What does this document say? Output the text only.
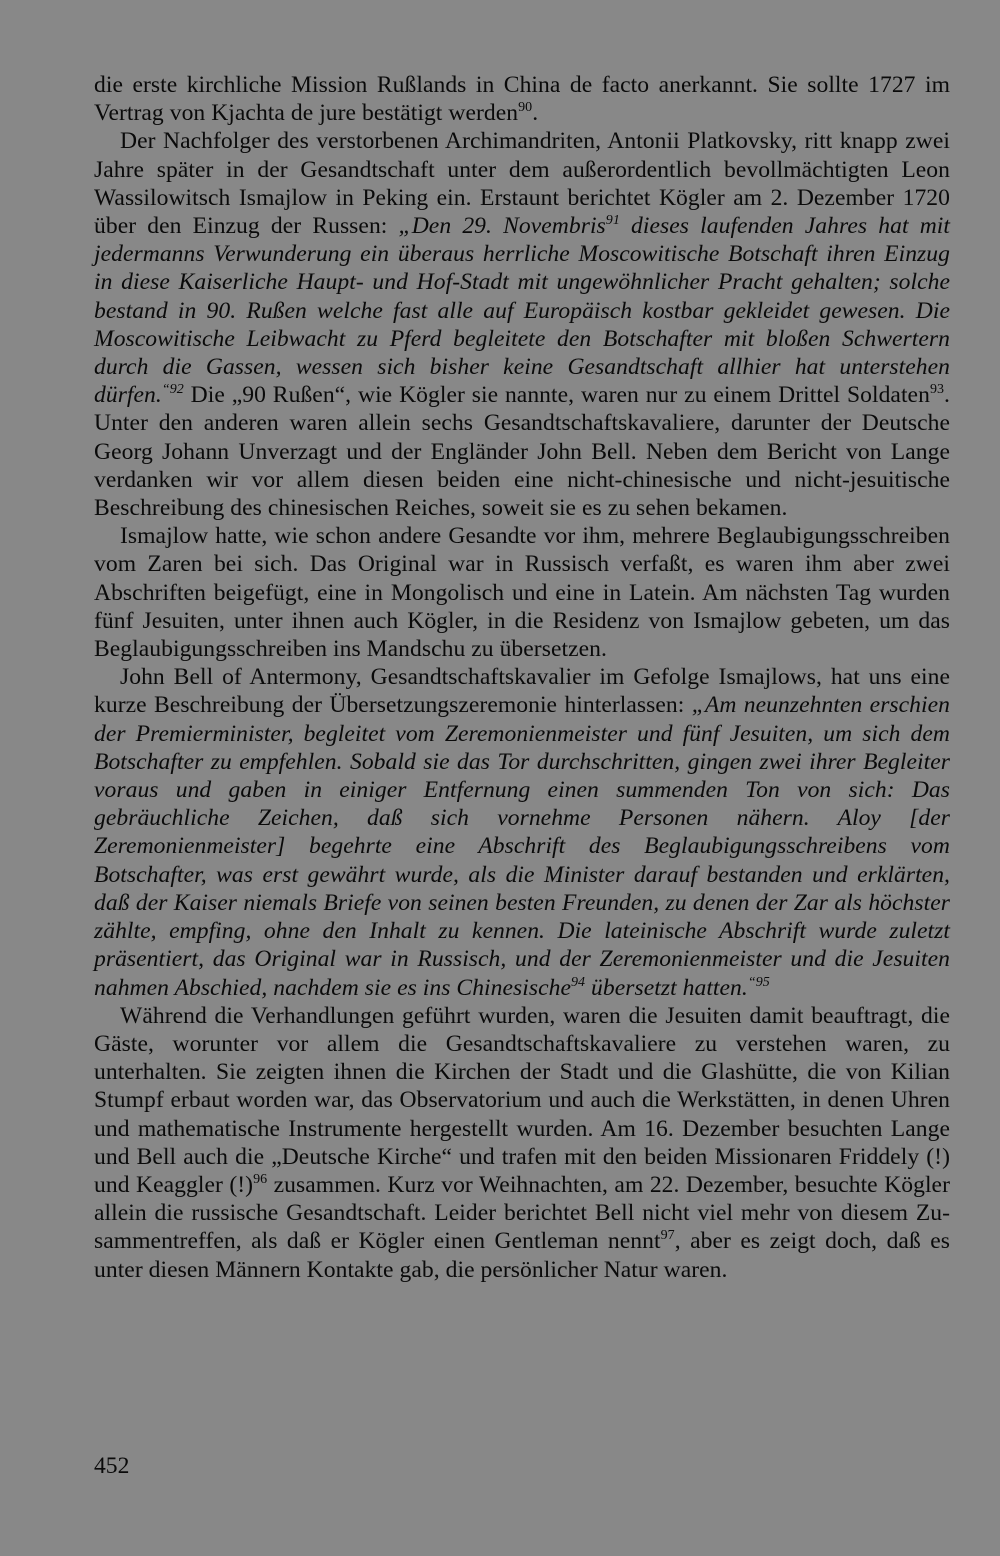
die erste kirchliche Mission Rußlands in China de facto anerkannt. Sie sollte 1727 im Vertrag von Kjachta de jure bestätigt werden$^{90}$.

Der Nachfolger des verstorbenen Archimandriten, Antonii Platkovsky, ritt knapp zwei Jahre später in der Gesandtschaft unter dem außerordentlich bevollmächtigten Leon Wassilowitsch Ismajlow in Peking ein. Erstaunt berichtet Kögler am 2. Dezember 1720 über den Einzug der Russen: „Den 29. Novembris$^{91}$ dieses laufenden Jahres hat mit jedermanns Verwunderung ein überaus herrliche Moscowitische Botschaft ihren Einzug in diese Kaiserliche Haupt- und Hof-Stadt mit ungewöhnlicher Pracht gehalten; solche bestand in 90. Rußen welche fast alle auf Europäisch kostbar gekleidet gewesen. Die Moscowitische Leibwacht zu Pferd begleitete den Botschafter mit bloßen Schwertern durch die Gassen, wessen sich bisher keine Gesandtschaft allhier hat unterstehen dürfen.$^{“92}$ Die „90 Rußen“, wie Kögler sie nannte, waren nur zu einem Drittel Soldaten$^{93}$. Unter den anderen waren allein sechs Gesandtschaftskavaliere, darunter der Deutsche Georg Johann Unverzagt und der Engländer John Bell. Neben dem Bericht von Lange verdanken wir vor allem diesen beiden eine nicht-chinesische und nicht-jesuitische Beschreibung des chinesischen Reiches, soweit sie es zu sehen bekamen.

Ismajlow hatte, wie schon andere Gesandte vor ihm, mehrere Beglaubigungsschreiben vom Zaren bei sich. Das Original war in Russisch verfaßt, es waren ihm aber zwei Abschriften beigefügt, eine in Mongolisch und eine in Latein. Am nächsten Tag wurden fünf Jesuiten, unter ihnen auch Kögler, in die Residenz von Ismajlow gebeten, um das Beglaubigungsschreiben ins Mandschu zu übersetzen.

John Bell of Antermony, Gesandtschaftskavalier im Gefolge Ismajlows, hat uns eine kurze Beschreibung der Übersetzungszeremonie hinterlassen: „Am neunzehnten erschien der Premierminister, begleitet vom Zeremonienmeister und fünf Jesuiten, um sich dem Botschafter zu empfehlen. Sobald sie das Tor durchschritten, gingen zwei ihrer Begleiter voraus und gaben in einiger Entfernung einen summenden Ton von sich: Das gebräuchliche Zeichen, daß sich vornehme Personen nähern. Aloy [der Zeremonienmeister] begehrte eine Abschrift des Beglaubigungsschreibens vom Botschafter, was erst gewährt wurde, als die Minister darauf bestanden und erklärten, daß der Kaiser niemals Briefe von seinen besten Freunden, zu denen der Zar als höchster zählte, empfing, ohne den Inhalt zu kennen. Die lateinische Abschrift wurde zuletzt präsentiert, das Original war in Russisch, und der Zeremonienmeister und die Jesuiten nahmen Abschied, nachdem sie es ins Chinesische$^{94}$ übersetzt hatten.$^{“95}$

Während die Verhandlungen geführt wurden, waren die Jesuiten damit beauftragt, die Gäste, worunter vor allem die Gesandtschaftskavaliere zu verstehen waren, zu unterhalten. Sie zeigten ihnen die Kirchen der Stadt und die Glashütte, die von Kilian Stumpf erbaut worden war, das Observatorium und auch die Werkstätten, in denen Uhren und mathematische Instrumente hergestellt wurden. Am 16. Dezember besuchten Lange und Bell auch die „Deutsche Kirche“ und trafen mit den beiden Missionaren Friddely (!) und Keaggler (!)$^{96}$ zusammen. Kurz vor Weihnachten, am 22. Dezember, besuchte Kögler allein die russische Gesandtschaft. Leider berichtet Bell nicht viel mehr von diesem Zusammentreffen, als daß er Kögler einen Gentleman nennt$^{97}$, aber es zeigt doch, daß es unter diesen Männern Kontakte gab, die persönlicher Natur waren.

452
